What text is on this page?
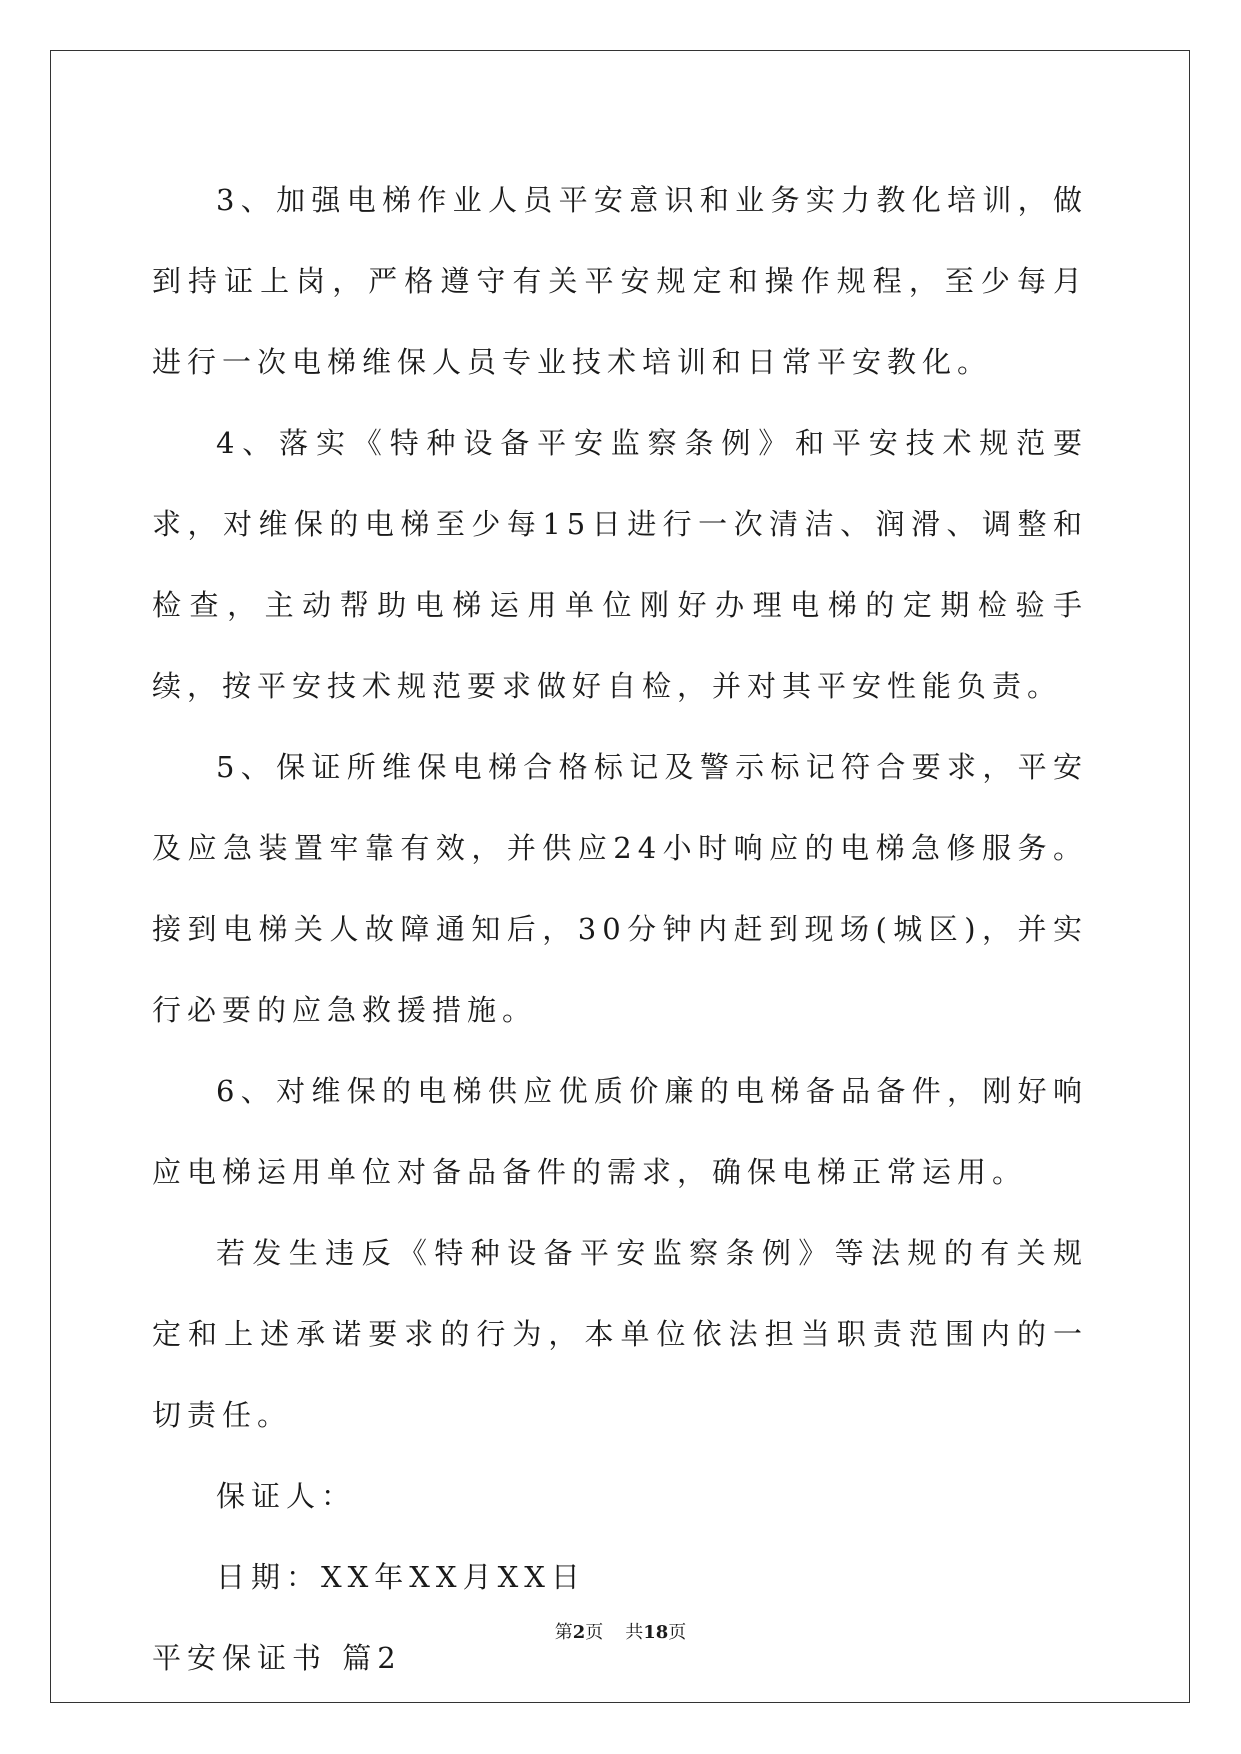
3、加强电梯作业人员平安意识和业务实力教化培训，做到持证上岗，严格遵守有关平安规定和操作规程，至少每月进行一次电梯维保人员专业技术培训和日常平安教化。

4、落实《特种设备平安监察条例》和平安技术规范要求，对维保的电梯至少每15日进行一次清洁、润滑、调整和检查，主动帮助电梯运用单位刚好办理电梯的定期检验手续，按平安技术规范要求做好自检，并对其平安性能负责。

5、保证所维保电梯合格标记及警示标记符合要求，平安及应急装置牢靠有效，并供应24小时响应的电梯急修服务。接到电梯关人故障通知后，30分钟内赶到现场(城区)，并实行必要的应急救援措施。

6、对维保的电梯供应优质价廉的电梯备品备件，刚好响应电梯运用单位对备品备件的需求，确保电梯正常运用。

若发生违反《特种设备平安监察条例》等法规的有关规定和上述承诺要求的行为，本单位依法担当职责范围内的一切责任。

保证人：

日期：XX年XX月XX日

平安保证书 篇2

第2页 共18页
